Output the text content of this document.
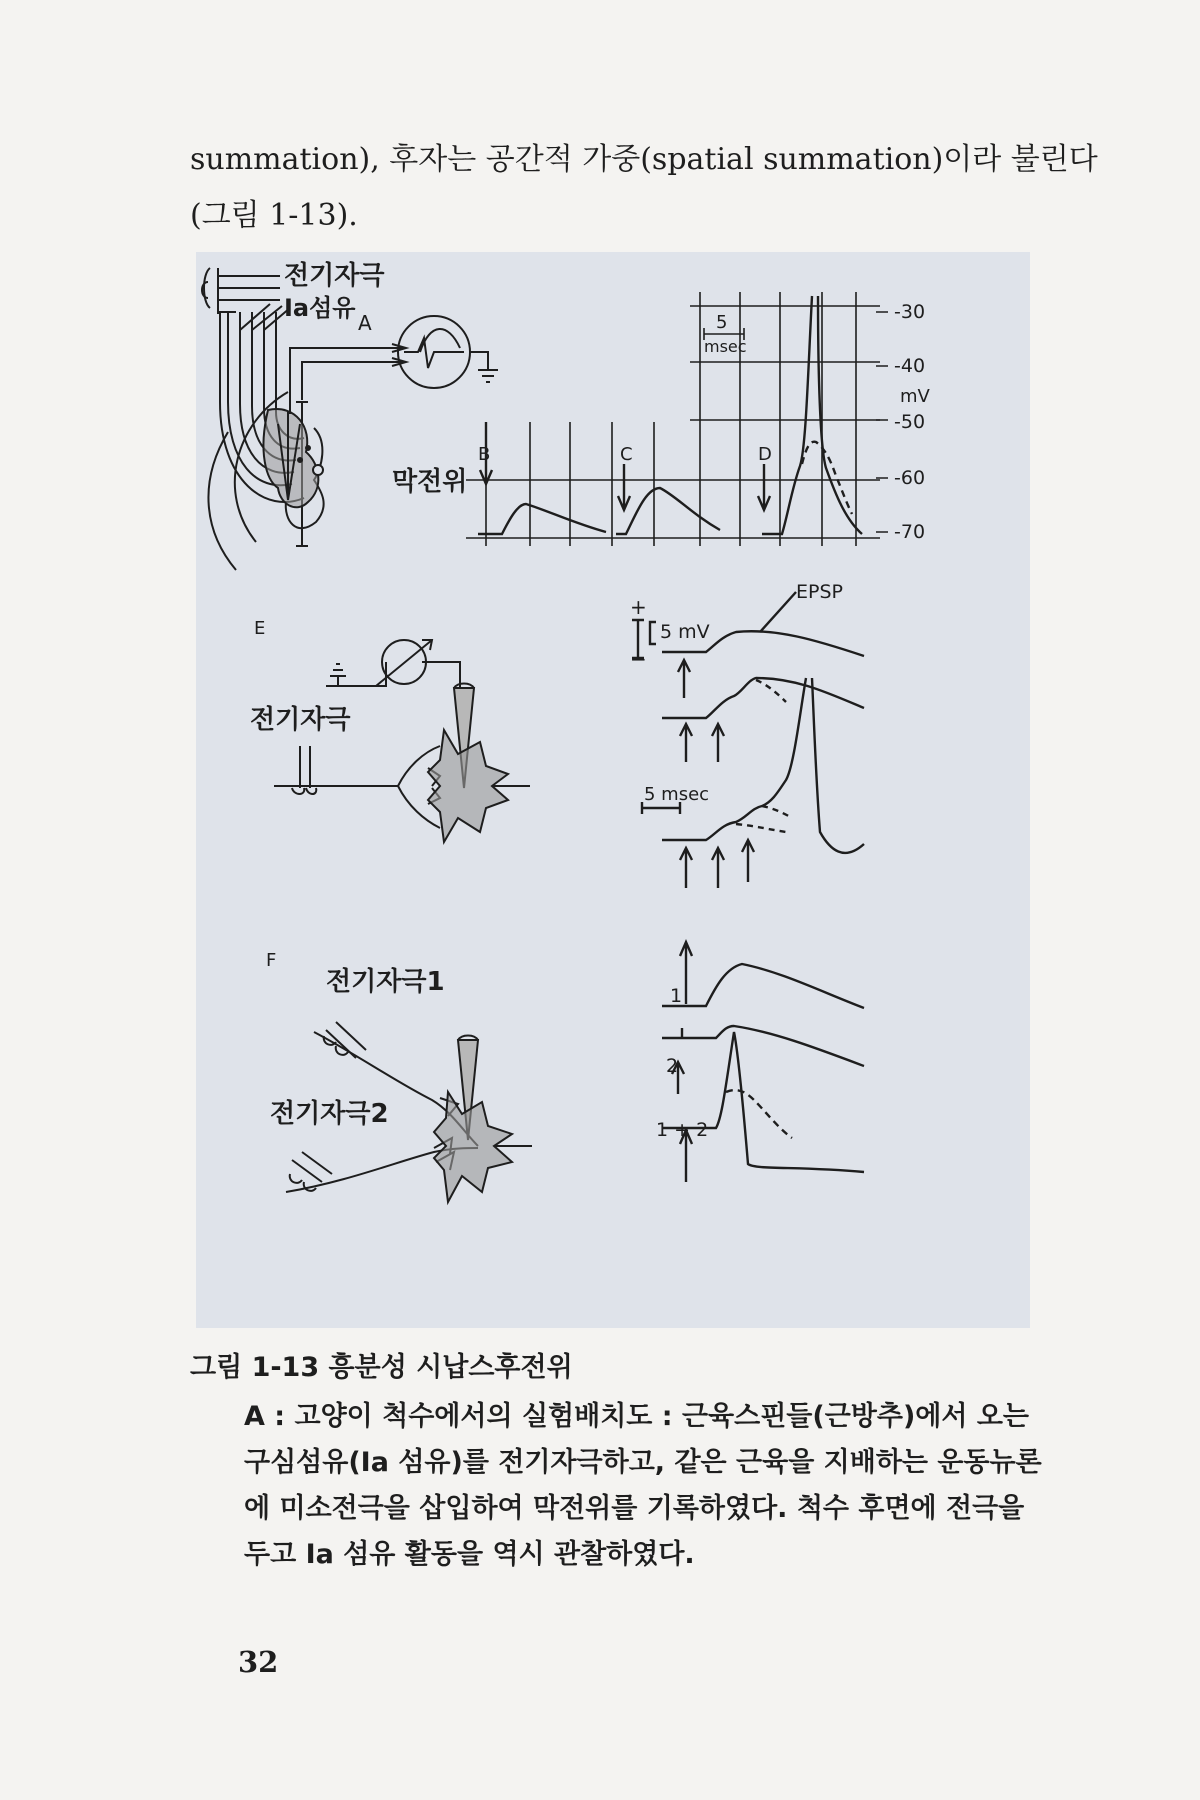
summation), 후자는 공간적 가중(spatial summation)이라 불린다
(그림 1-13).
전기자극
Ia섬유
A
막전위
5
msec
B	C	D
-30
-40
mV
-50
-60
-70
E
전기자극
+
−
5 mV
EPSP
5 msec
F
전기자극1
전기자극2
1
2
1 + 2
그림 1-13 흥분성 시납스후전위
A : 고양이 척수에서의 실험배치도 : 근육스핀들(근방추)에서 오는
구심섬유(Ia 섬유)를 전기자극하고, 같은 근육을 지배하는 운동뉴론
에 미소전극을 삽입하여 막전위를 기록하였다. 척수 후면에 전극을
두고 Ia 섬유 활동을 역시 관찰하였다.
32
